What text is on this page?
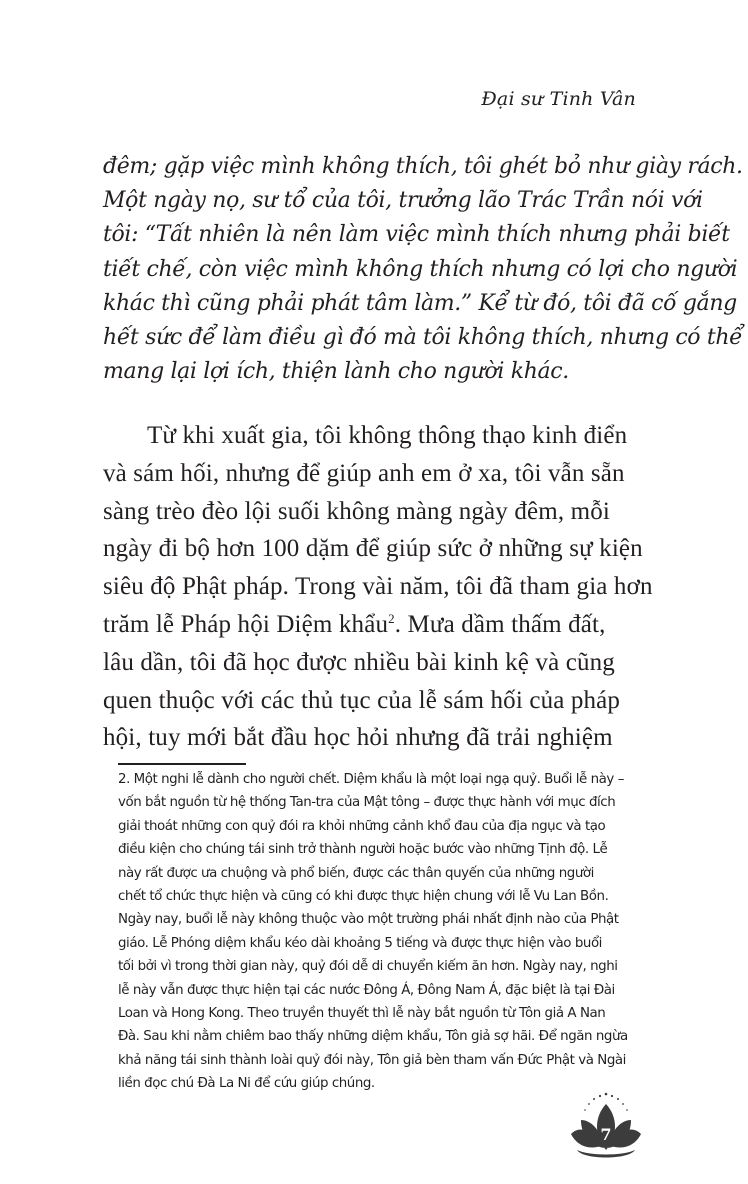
Đại sư Tinh Vân
đêm; gặp việc mình không thích, tôi ghét bỏ như giày rách.
Một ngày nọ, sư tổ của tôi, trưởng lão Trác Trần nói với
tôi: “Tất nhiên là nên làm việc mình thích nhưng phải biết
tiết chế, còn việc mình không thích nhưng có lợi cho người
khác thì cũng phải phát tâm làm.” Kể từ đó, tôi đã cố gắng
hết sức để làm điều gì đó mà tôi không thích, nhưng có thể
mang lại lợi ích, thiện lành cho người khác.
Từ khi xuất gia, tôi không thông thạo kinh điển
và sám hối, nhưng để giúp anh em ở xa, tôi vẫn sẵn
sàng trèo đèo lội suối không màng ngày đêm, mỗi
ngày đi bộ hơn 100 dặm để giúp sức ở những sự kiện
siêu độ Phật pháp. Trong vài năm, tôi đã tham gia hơn
trăm lễ Pháp hội Diệm khẩu$^2$. Mưa dầm thấm đất,
lâu dần, tôi đã học được nhiều bài kinh kệ và cũng
quen thuộc với các thủ tục của lễ sám hối của pháp
hội, tuy mới bắt đầu học hỏi nhưng đã trải nghiệm
2. Một nghi lễ dành cho người chết. Diệm khẩu là một loại ngạ quỷ. Buổi lễ này –
vốn bắt nguồn từ hệ thống Tan-tra của Mật tông – được thực hành với mục đích
giải thoát những con quỷ đói ra khỏi những cảnh khổ đau của địa ngục và tạo
điều kiện cho chúng tái sinh trở thành người hoặc bước vào những Tịnh độ. Lễ
này rất được ưa chuộng và phổ biến, được các thân quyến của những người
chết tổ chức thực hiện và cũng có khi được thực hiện chung với lễ Vu Lan Bồn.
Ngày nay, buổi lễ này không thuộc vào một trường phái nhất định nào của Phật
giáo. Lễ Phóng diệm khẩu kéo dài khoảng 5 tiếng và được thực hiện vào buổi
tối bởi vì trong thời gian này, quỷ đói dễ di chuyển kiếm ăn hơn. Ngày nay, nghi
lễ này vẫn được thực hiện tại các nước Đông Á, Đông Nam Á, đặc biệt là tại Đài
Loan và Hong Kong. Theo truyền thuyết thì lễ này bắt nguồn từ Tôn giả A Nan
Đà. Sau khi nằm chiêm bao thấy những diệm khẩu, Tôn giả sợ hãi. Để ngăn ngừa
khả năng tái sinh thành loài quỷ đói này, Tôn giả bèn tham vấn Đức Phật và Ngài
liền đọc chú Đà La Ni để cứu giúp chúng.
7
